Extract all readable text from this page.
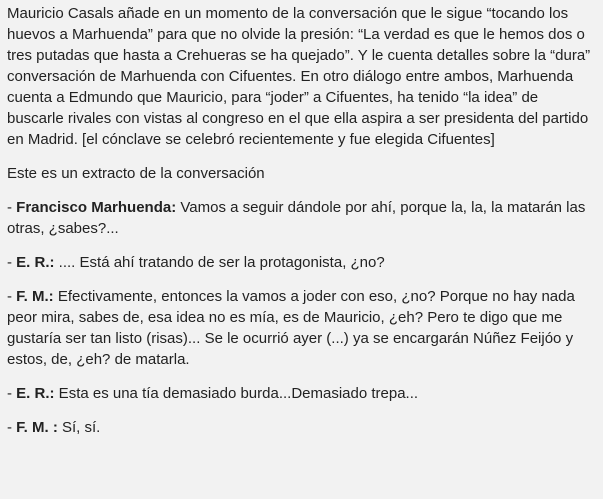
Mauricio Casals añade en un momento de la conversación que le sigue “tocando los huevos a Marhuenda” para que no olvide la presión: “La verdad es que le hemos dos o tres putadas que hasta a Crehueras se ha quejado”. Y le cuenta detalles sobre la “dura” conversación de Marhuenda con Cifuentes. En otro diálogo entre ambos, Marhuenda cuenta a Edmundo que Mauricio, para “joder” a Cifuentes, ha tenido “la idea” de buscarle rivales con vistas al congreso en el que ella aspira a ser presidenta del partido en Madrid. [el cónclave se celebró recientemente y fue elegida Cifuentes]

Este es un extracto de la conversación

- Francisco Marhuenda: Vamos a seguir dándole por ahí, porque la, la, la matarán las otras, ¿sabes?...

- E. R.: .... Está ahí tratando de ser la protagonista, ¿no?

- F. M.: Efectivamente, entonces la vamos a joder con eso, ¿no? Porque no hay nada peor mira, sabes de, esa idea no es mía, es de Mauricio, ¿eh? Pero te digo que me gustaría ser tan listo (risas)... Se le ocurrió ayer (...) ya se encargarán Núñez Feijóo y estos, de, ¿eh? de matarla.

- E. R.: Esta es una tía demasiado burda...Demasiado trepa...

- F. M. : Sí, sí.
